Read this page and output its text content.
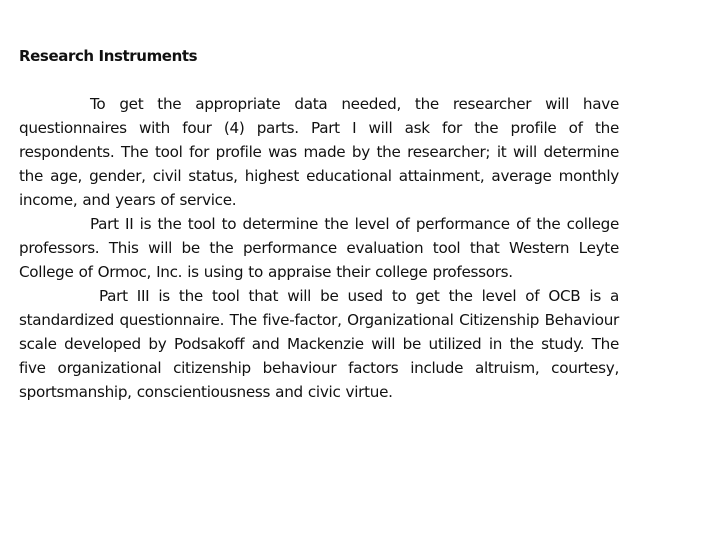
Research Instruments

To get the appropriate data needed, the researcher will have questionnaires with four (4) parts. Part I will ask for the profile of the respondents. The tool for profile was made by the researcher; it will determine the age, gender, civil status, highest educational attainment, average monthly income, and years of service.

Part II is the tool to determine the level of performance of the college professors. This will be the performance evaluation tool that Western Leyte College of Ormoc, Inc. is using to appraise their college professors.

Part III is the tool that will be used to get the level of OCB is a standardized questionnaire. The five-factor, Organizational Citizenship Behaviour scale developed by Podsakoff and Mackenzie will be utilized in the study. The five organizational citizenship behaviour factors include altruism, courtesy, sportsmanship, conscientiousness and civic virtue.
